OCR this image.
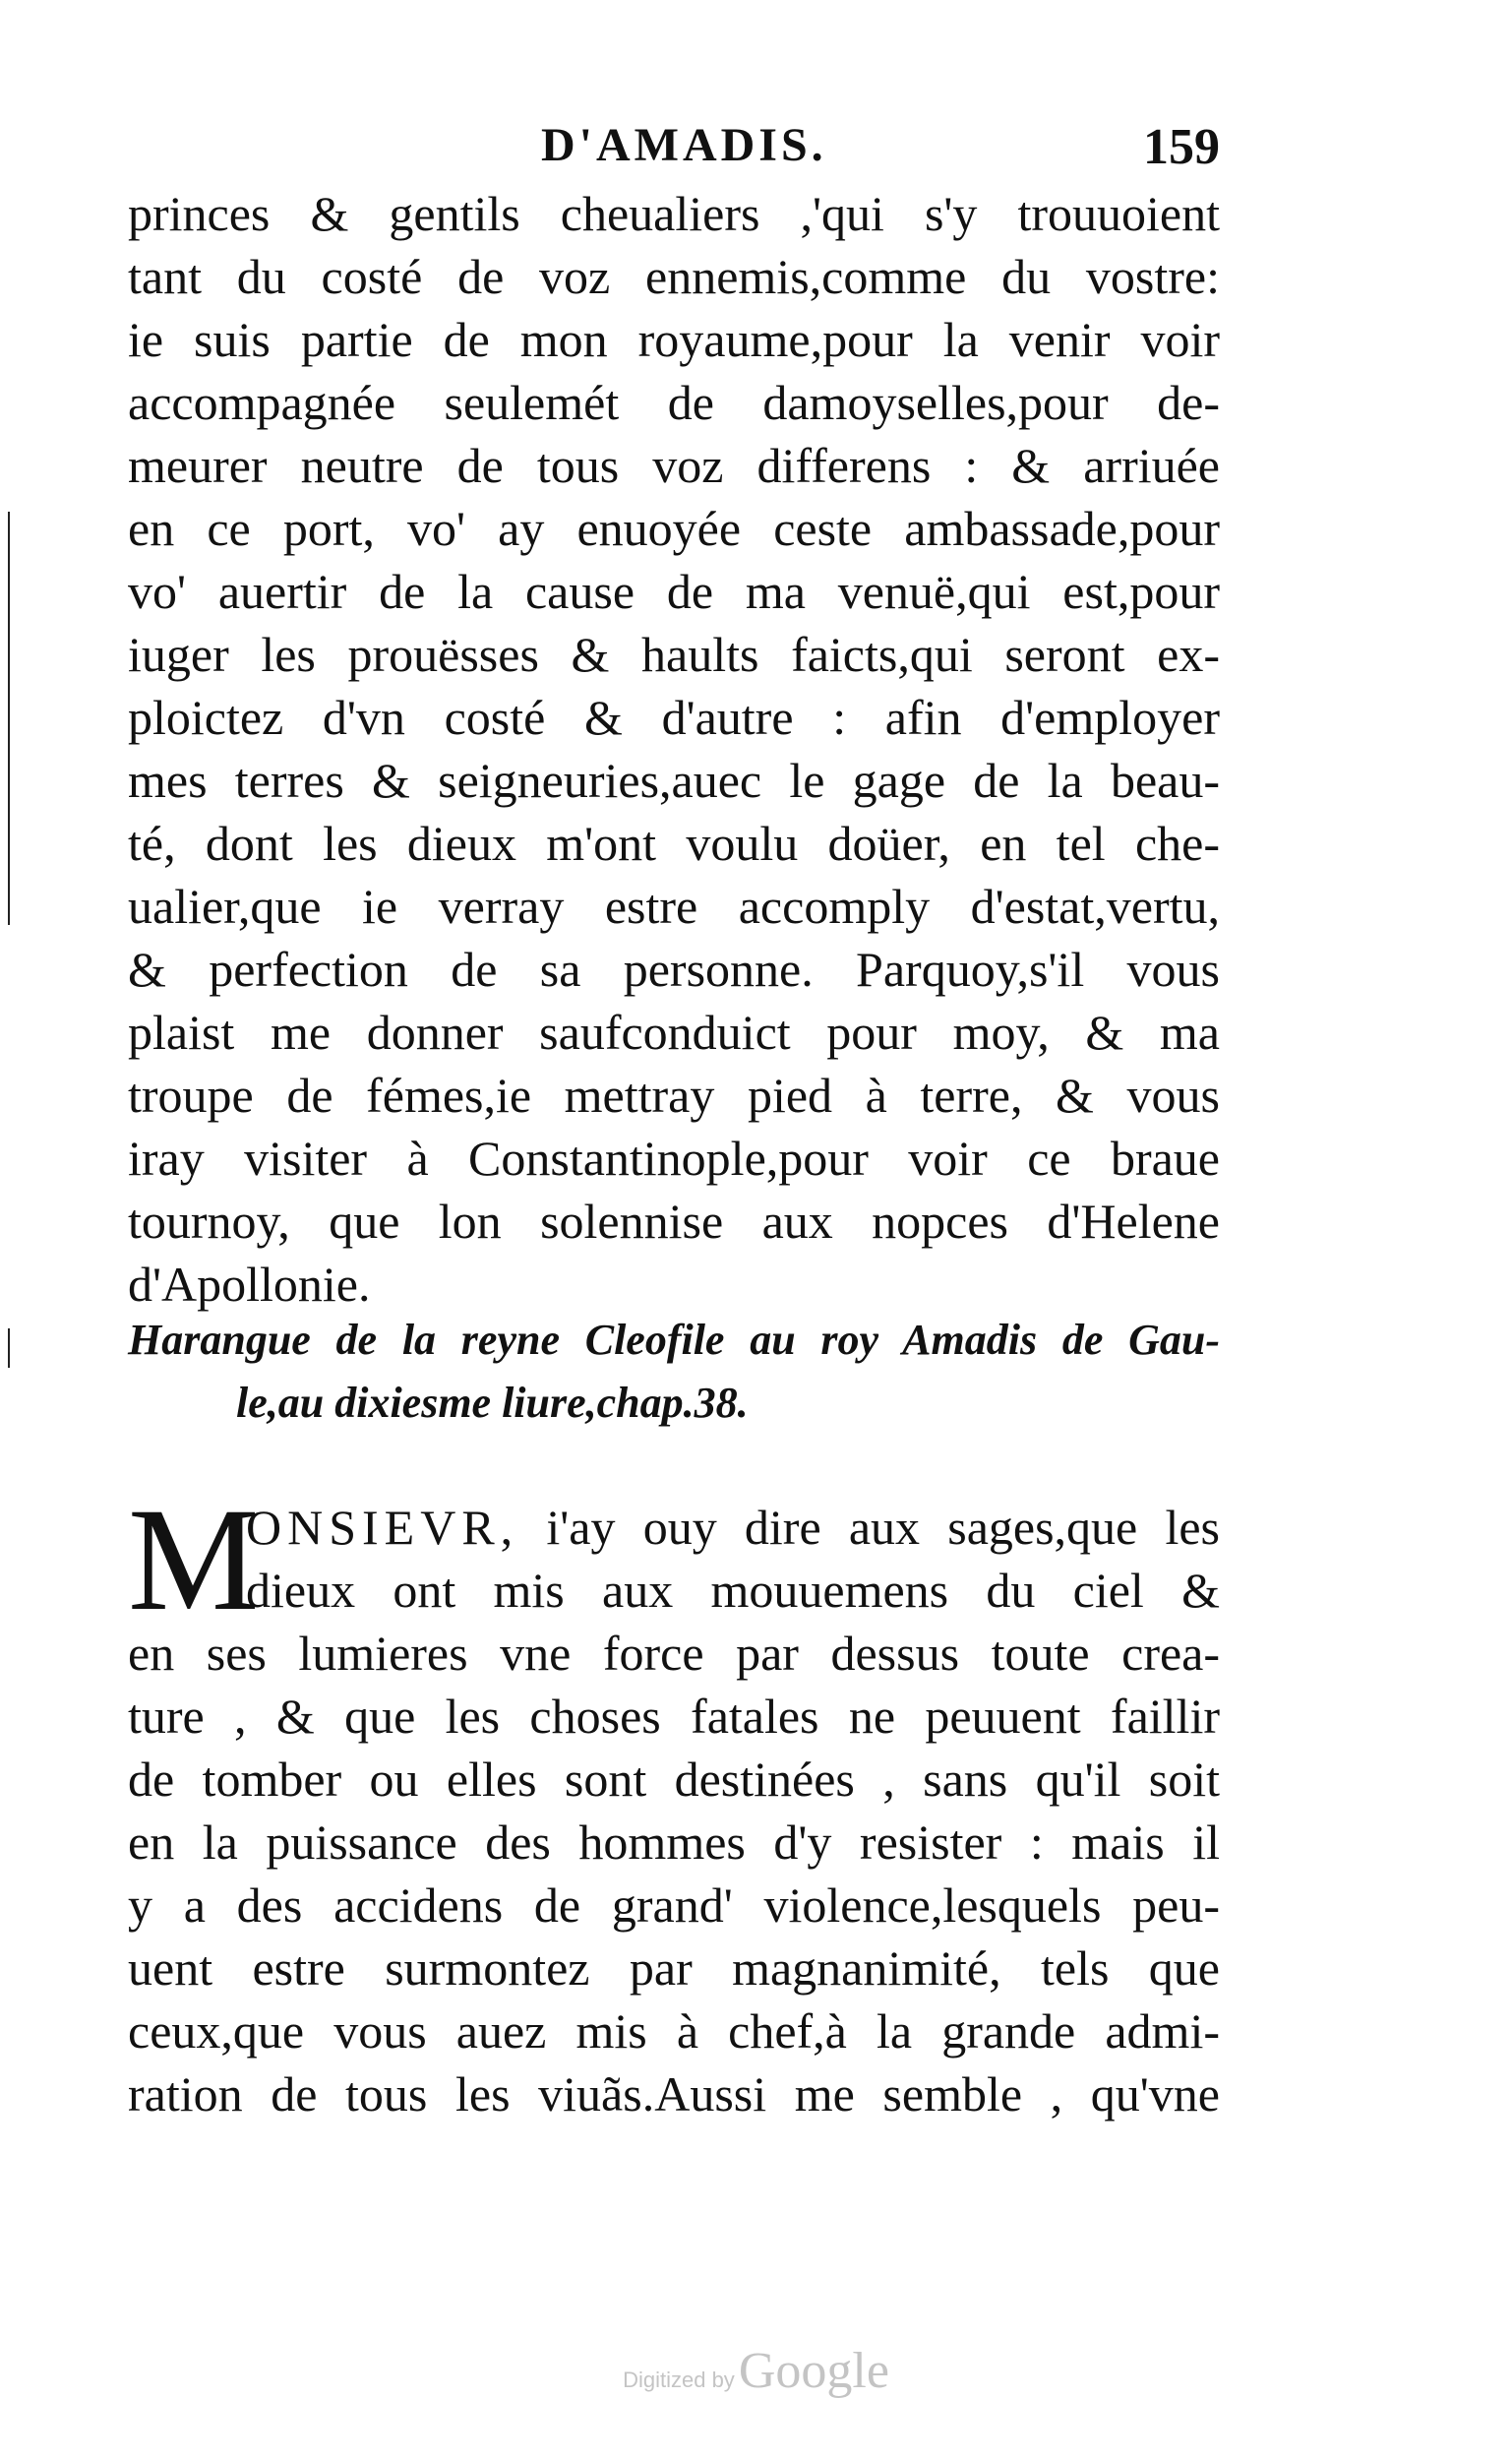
D'AMADIS.	159
princes & gentils cheualiers ,'qui s'y trouuoient
tant du costé de voz ennemis,comme du vostre:
ie suis partie de mon royaume,pour la venir voir
accompagnée seulemét de damoyselles,pour de-
meurer neutre de tous voz differens : & arriuée
en ce port, vo' ay enuoyée ceste ambassade,pour
vo' auertir de la cause de ma venuë,qui est,pour
iuger les prouësses & haults faicts,qui seront ex-
ploictez d'vn costé & d'autre : afin d'employer
mes terres & seigneuries,auec le gage de la beau-
té, dont les dieux m'ont voulu doüer, en tel che-
ualier,que ie verray estre accomply d'estat,vertu,
& perfection de sa personne. Parquoy,s'il vous
plaist me donner saufconduict pour moy, & ma
troupe de fémes,ie mettray pied à terre, & vous
iray visiter à Constantinople,pour voir ce braue
tournoy, que lon solennise aux nopces d'Helene
d'Apollonie.
Harangue de la reyne Cleofile au roy Amadis de Gau-
le,au dixiesme liure,chap.38.
M
ONSIEVR, i'ay ouy dire aux sages,que les
dieux ont mis aux mouuemens du ciel &
en ses lumieres vne force par dessus toute crea-
ture , & que les choses fatales ne peuuent faillir
de tomber ou elles sont destinées , sans qu'il soit
en la puissance des hommes d'y resister : mais il
y a des accidens de grand' violence,lesquels peu-
uent estre surmontez par magnanimité, tels que
ceux,que vous auez mis à chef,à la grande admi-
ration de tous les viuãs.Aussi me semble , qu'vne
Digitized by Google
